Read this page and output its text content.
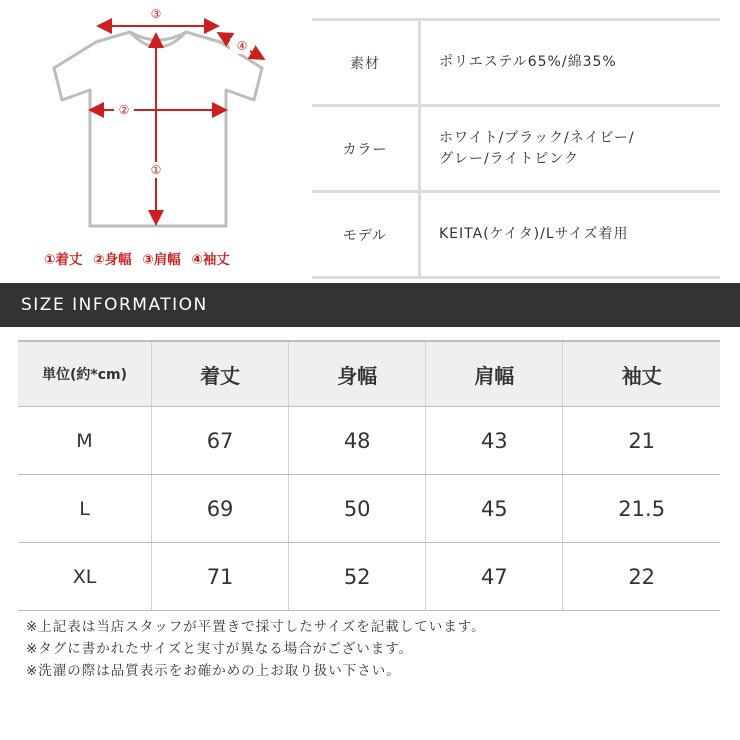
③
④
②
①
①着丈 ②身幅 ③肩幅 ④袖丈
素材	ポリエステル65%/綿35%
カラー	ホワイト/ブラック/ネイビー/
グレー/ライトピンク
モデル	KEITA(ケイタ)/Lサイズ着用
SIZE INFORMATION
単位(約*cm)	着丈	身幅	肩幅	袖丈
M	67	48	43	21
L	69	50	45	21.5
XL	71	52	47	22
※上記表は当店スタッフが平置きで採寸したサイズを記載しています。
※タグに書かれたサイズと実寸が異なる場合がございます。
※洗濯の際は品質表示をお確かめの上お取り扱い下さい。
